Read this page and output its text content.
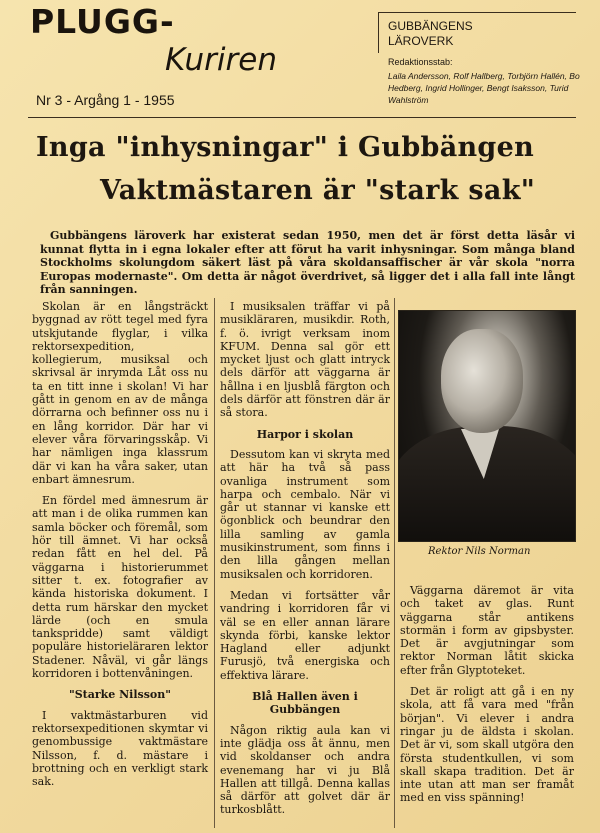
PLUGG-
Kuriren
Nr 3 - Argång 1 - 1955
GUBBÄNGENS
LÄROVERK
Redaktionsstab:
Laila Andersson, Rolf Hallberg, Torbjörn Hallén, Bo Hedberg, Ingrid Hollinger, Bengt Isaksson, Turid Wahlström
Inga "inhysningar" i Gubbängen
Vaktmästaren är "stark sak"

Gubbängens läroverk har existerat sedan 1950, men det är först detta läsår vi kunnat flytta in i egna lokaler efter att förut ha varit inhysningar. Som många bland Stockholms skolungdom säkert läst på våra skoldansaffischer är vår skola "norra Europas modernaste". Om detta är något överdrivet, så ligger det i alla fall inte långt från sanningen.

Skolan är en långsträckt byggnad av rött tegel med fyra utskjutande flyglar, i vilka rektorsexpedition, kollegierum, musiksal och skrivsal är inrymda Låt oss nu ta en titt inne i skolan! Vi har gått in genom en av de många dörrarna och befinner oss nu i en lång korridor. Där har vi elever våra förvaringsskåp. Vi har nämligen inga klassrum där vi kan ha våra saker, utan enbart ämnesrum.

En fördel med ämnesrum är att man i de olika rummen kan samla böcker och föremål, som hör till ämnet. Vi har också redan fått en hel del. På väggarna i historierummet sitter t. ex. fotografier av kända historiska dokument. I detta rum härskar den mycket lärde (och en smula tankspridde) samt väldigt populäre historieläraren lektor Stadener. Nåväl, vi går längs korridoren i bottenvåningen.

"Starke Nilsson"

I vaktmästarburen vid rektorsexpeditionen skymtar vi genombussige vaktmästare Nilsson, f. d. mästare i brottning och en verkligt stark sak.

I musiksalen träffar vi på musikläraren, musikdir. Roth, f. ö. ivrigt verksam inom KFUM. Denna sal gör ett mycket ljust och glatt intryck dels därför att väggarna är hållna i en ljusblå färgton och dels därför att fönstren där är så stora.

Harpor i skolan

Dessutom kan vi skryta med att här ha två så pass ovanliga instrument som harpa och cembalo. När vi går ut stannar vi kanske ett ögonblick och beundrar den lilla samling av gamla musikinstrument, som finns i den lilla gången mellan musiksalen och korridoren.

Medan vi fortsätter vår vandring i korridoren får vi väl se en eller annan lärare skynda förbi, kanske lektor Hagland eller adjunkt Furusjö, två energiska och effektiva lärare.

Blå Hallen även i Gubbängen

Någon riktig aula kan vi inte glädja oss åt ännu, men vid skoldanser och andra evenemang har vi ju Blå Hallen att tillgå. Denna kallas så därför att golvet där är turkosblått.

Rektor Nils Norman

Väggarna däremot är vita och taket av glas. Runt väggarna står antikens stormän i form av gipsbyster. Det är avgjutningar som rektor Norman låtit skicka efter från Glyptoteket.

Det är roligt att gå i en ny skola, att få vara med "från början". Vi elever i andra ringar ju de äldsta i skolan. Det är vi, som skall utgöra den första studentkullen, vi som skall skapa tradition. Det är inte utan att man ser framåt med en viss spänning!
